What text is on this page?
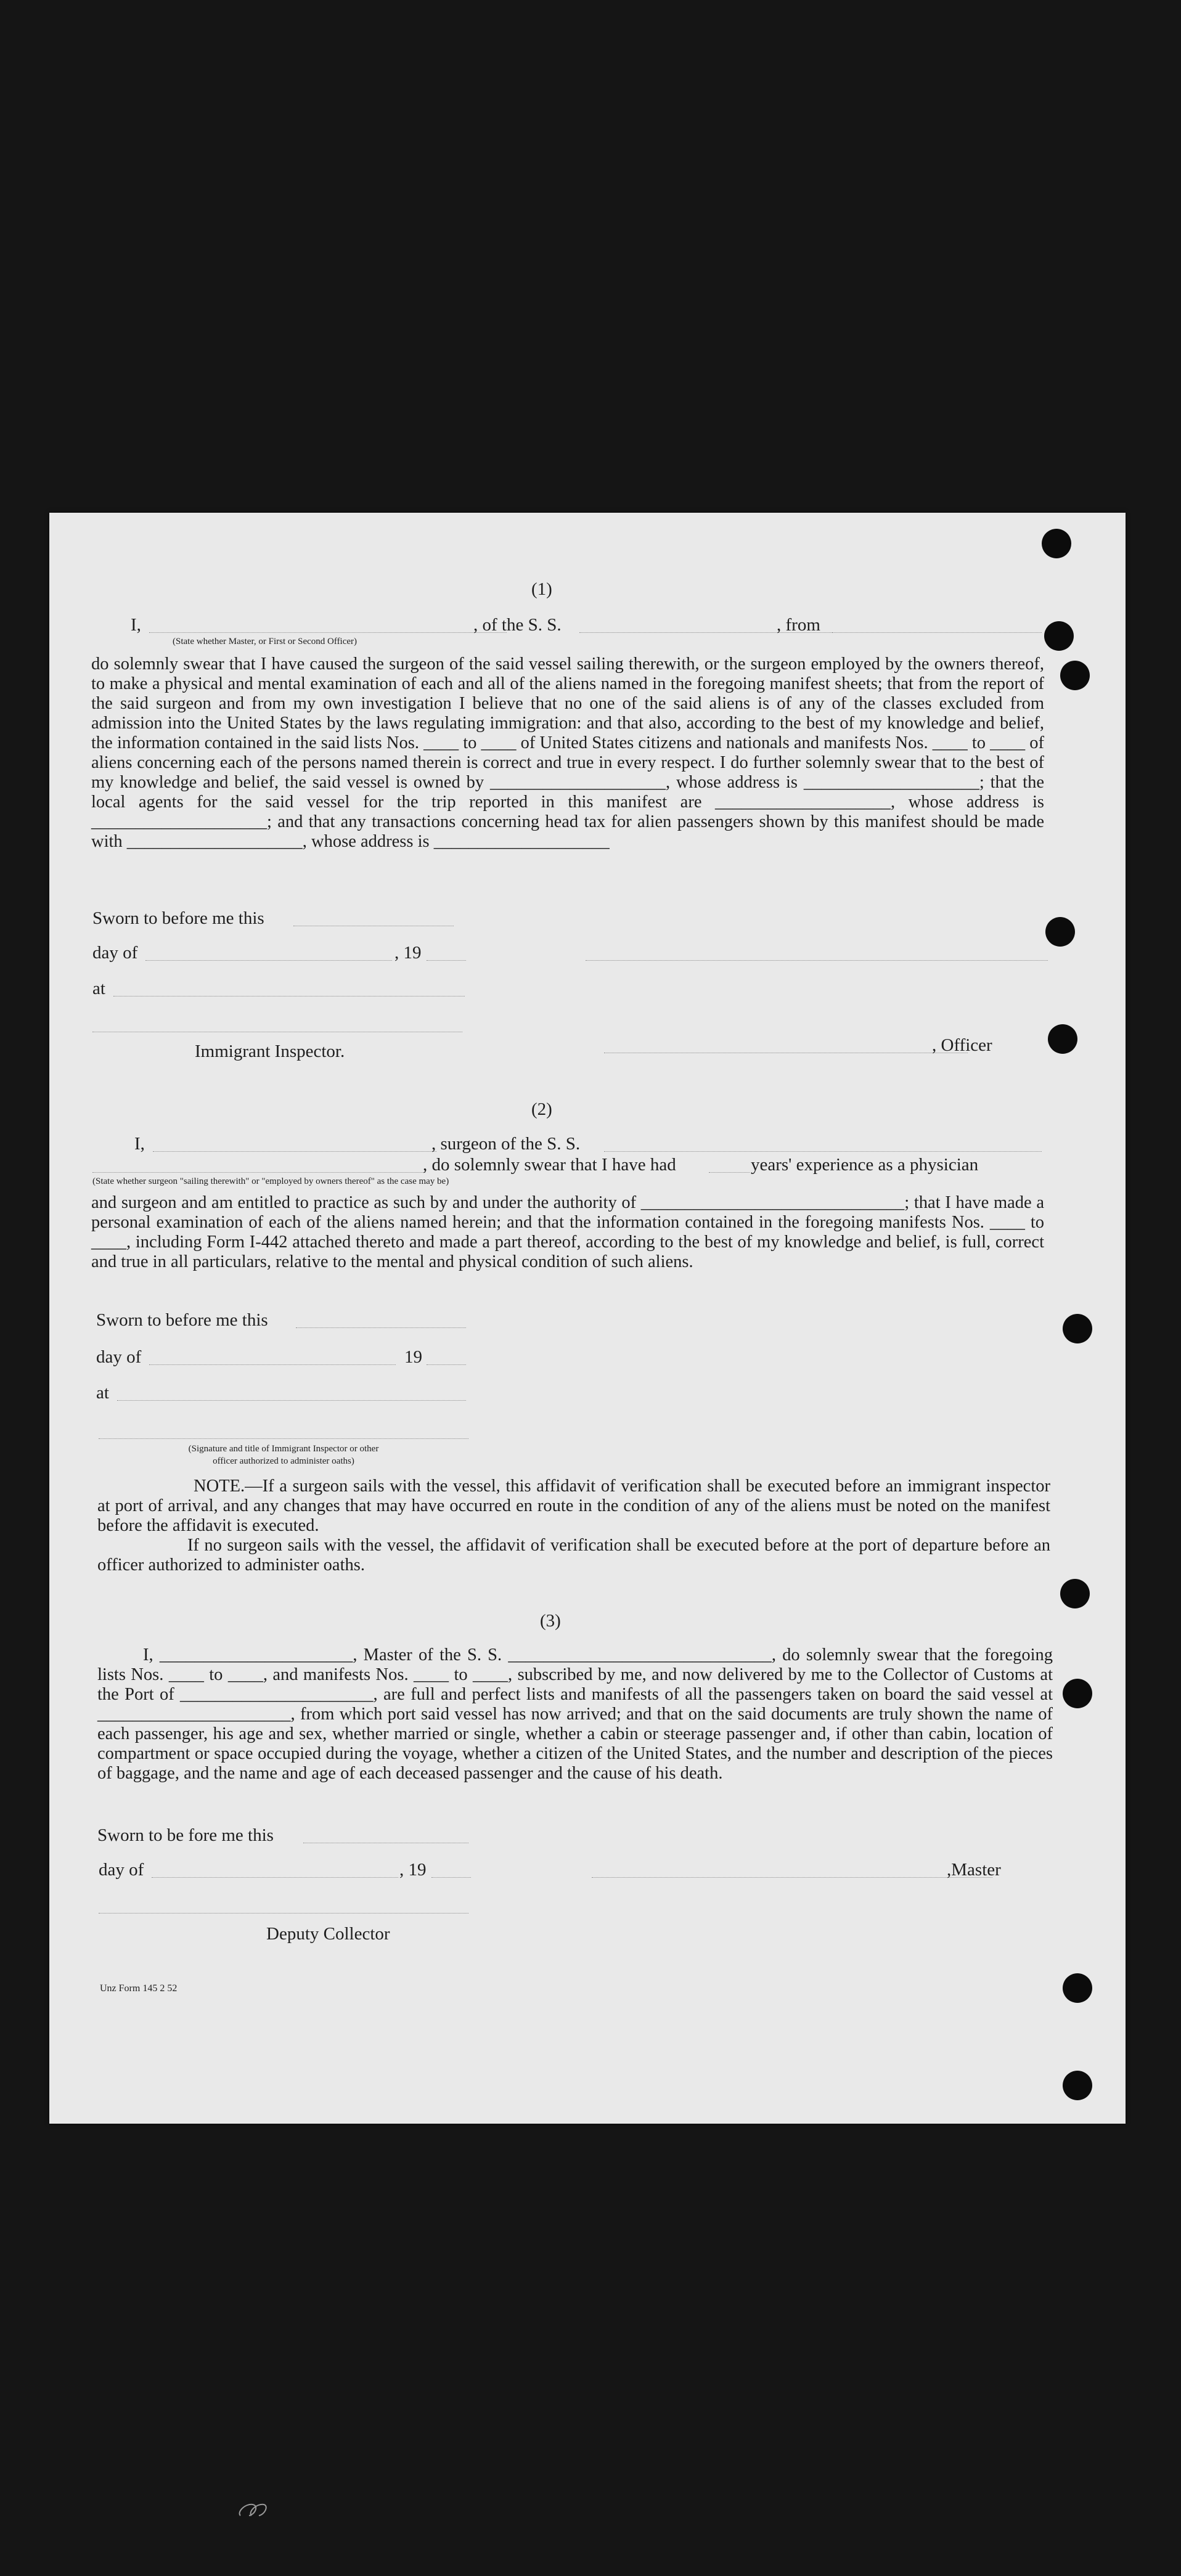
(1)
I,
(State whether Master, or First or Second Officer)
, of the S. S.	, from
do solemnly swear that I have caused the surgeon of the said vessel sailing therewith, or the surgeon employed by the owners thereof, to make a physical and mental examination of each and all of the aliens named in the foregoing manifest sheets; that from the report of the said surgeon and from my own investigation I believe that no one of the said aliens is of any of the classes excluded from admission into the United States by the laws regulating immigration: and that also, according to the best of my knowledge and belief, the information contained in the said lists Nos. ____ to ____ of United States citizens and nationals and manifests Nos. ____ to ____ of aliens concerning each of the persons named therein is correct and true in every respect. I do further solemnly swear that to the best of my knowledge and belief, the said vessel is owned by ____________________, whose address is ____________________; that the local agents for the said vessel for the trip reported in this manifest are ____________________, whose address is ____________________; and that any transactions concerning head tax for alien passengers shown by this manifest should be made with ____________________, whose address is ____________________
Sworn to before me this
day of	, 19
at
Immigrant Inspector.	, Officer
(2)
I,	, surgeon of the S. S.
, do solemnly swear that I have had	years' experience as a physician
(State whether surgeon "sailing therewith" or "employed by owners thereof" as the case may be)
and surgeon and am entitled to practice as such by and under the authority of ______________________________; that I have made a personal examination of each of the aliens named herein; and that the information contained in the foregoing manifests Nos. ____ to ____, including Form I-442 attached thereto and made a part thereof, according to the best of my knowledge and belief, is full, correct and true in all particulars, relative to the mental and physical condition of such aliens.
Sworn to before me this
day of	19
at
(Signature and title of Immigrant Inspector or other
officer authorized to administer oaths)
NOTE.—If a surgeon sails with the vessel, this affidavit of verification shall be executed before an immigrant inspector at port of arrival, and any changes that may have occurred en route in the condition of any of the aliens must be noted on the manifest before the affidavit is executed.
If no surgeon sails with the vessel, the affidavit of verification shall be executed before at the port of departure before an officer authorized to administer oaths.
(3)
I, ______________________, Master of the S. S. ______________________________, do solemnly swear that the foregoing lists Nos. ____ to ____, and manifests Nos. ____ to ____, subscribed by me, and now delivered by me to the Collector of Customs at the Port of ______________________, are full and perfect lists and manifests of all the passengers taken on board the said vessel at ______________________, from which port said vessel has now arrived; and that on the said documents are truly shown the name of each passenger, his age and sex, whether married or single, whether a cabin or steerage passenger and, if other than cabin, location of compartment or space occupied during the voyage, whether a citizen of the United States, and the number and description of the pieces of baggage, and the name and age of each deceased passenger and the cause of his death.
Sworn to be fore me this
day of	, 19	,Master
Deputy Collector
Unz Form 145 2 52
